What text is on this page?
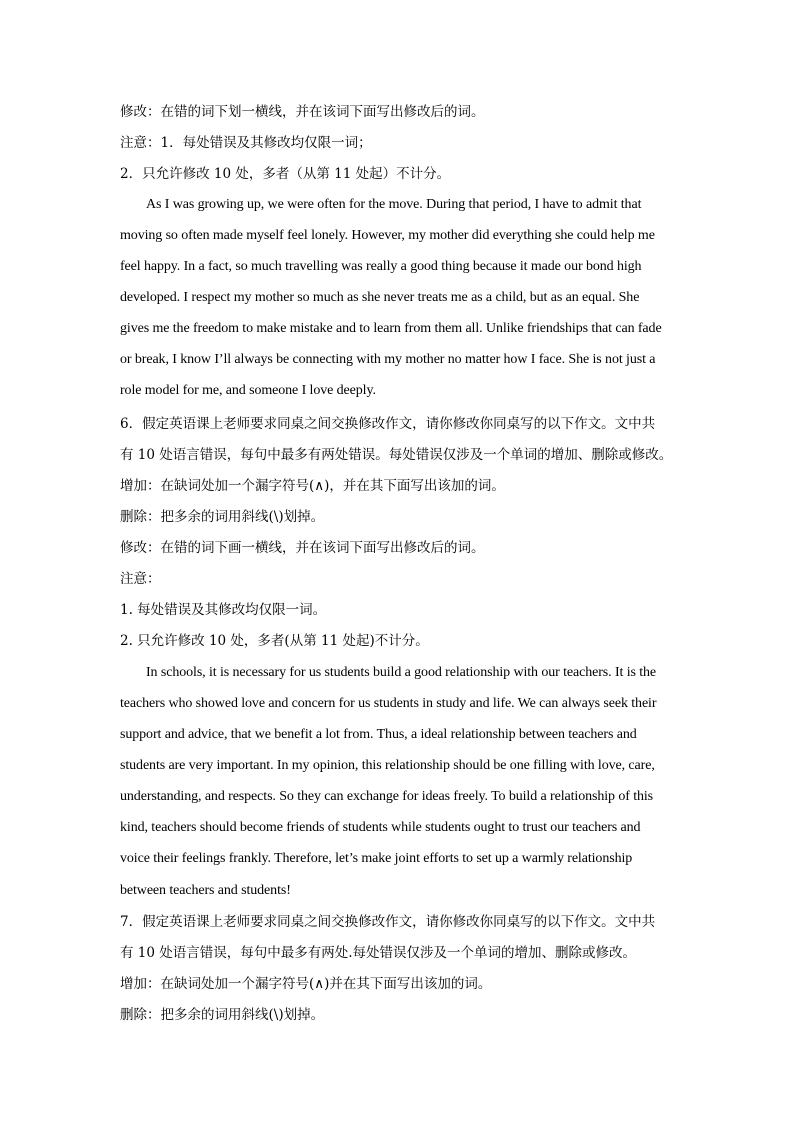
修改：在错的词下划一横线，并在该词下面写出修改后的词。
注意：1．每处错误及其修改均仅限一词；
2．只允许修改 10 处，多者（从第 11 处起）不计分。
As I was growing up, we were often for the move. During that period, I have to admit that
moving so often made myself feel lonely. However, my mother did everything she could help me
feel happy. In a fact, so much travelling was really a good thing because it made our bond high
developed. I respect my mother so much as she never treats me as a child, but as an equal. She
gives me the freedom to make mistake and to learn from them all. Unlike friendships that can fade
or break, I know I’ll always be connecting with my mother no matter how I face. She is not just a
role model for me, and someone I love deeply.
6．假定英语课上老师要求同桌之间交换修改作文，请你修改你同桌写的以下作文。文中共
有 10 处语言错误，每句中最多有两处错误。每处错误仅涉及一个单词的增加、删除或修改。
增加：在缺词处加一个漏字符号(∧)，并在其下面写出该加的词。
删除：把多余的词用斜线(\)划掉。
修改：在错的词下画一横线，并在该词下面写出修改后的词。
注意：
1. 每处错误及其修改均仅限一词。
2. 只允许修改 10 处，多者(从第 11 处起)不计分。
In schools, it is necessary for us students build a good relationship with our teachers. It is the
teachers who showed love and concern for us students in study and life. We can always seek their
support and advice, that we benefit a lot from. Thus, a ideal relationship between teachers and
students are very important. In my opinion, this relationship should be one filling with love, care,
understanding, and respects. So they can exchange for ideas freely. To build a relationship of this
kind, teachers should become friends of students while students ought to trust our teachers and
voice their feelings frankly. Therefore, let’s make joint efforts to set up a warmly relationship
between teachers and students!
7．假定英语课上老师要求同桌之间交换修改作文，请你修改你同桌写的以下作文。文中共
有 10 处语言错误，每句中最多有两处.每处错误仅涉及一个单词的增加、删除或修改。
增加：在缺词处加一个漏字符号(∧)并在其下面写出该加的词。
删除：把多余的词用斜线(\)划掉。
